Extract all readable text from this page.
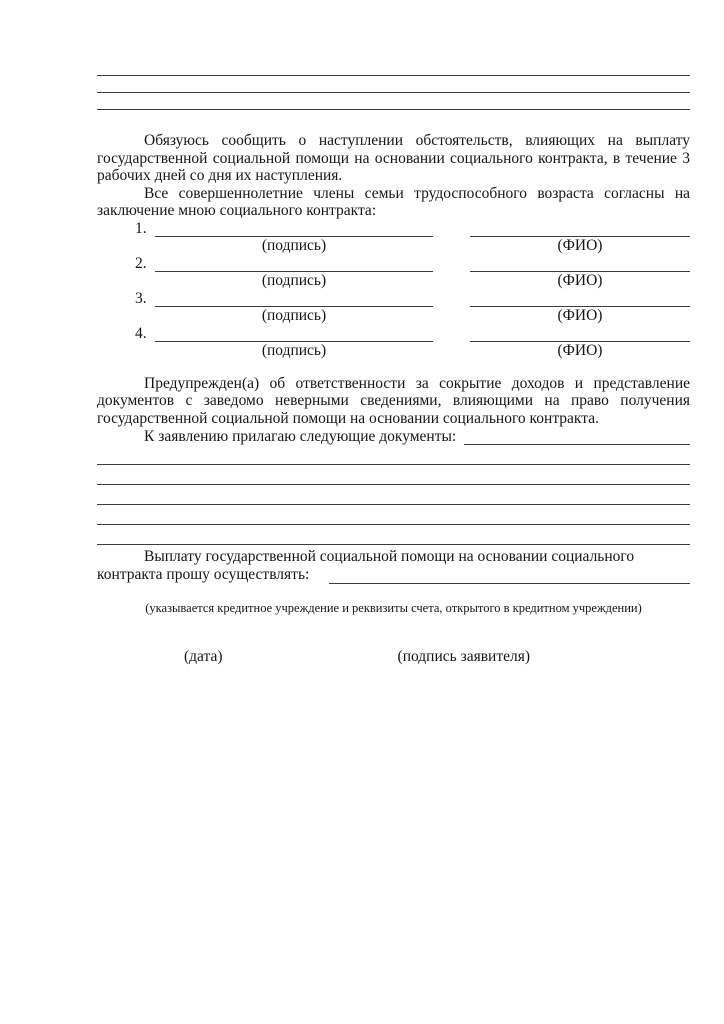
Обязуюсь сообщить о наступлении обстоятельств, влияющих на выплату государственной социальной помощи на основании социального контракта, в течение 3 рабочих дней со дня их наступления.

Все совершеннолетние члены семьи трудоспособного возраста согласны на заключение мною социального контракта:

1.
(подпись)	(ФИО)
2.
(подпись)	(ФИО)
3.
(подпись)	(ФИО)
4.
(подпись)	(ФИО)

Предупрежден(а) об ответственности за сокрытие доходов и представление документов с заведомо неверными сведениями, влияющими на право получения государственной социальной помощи на основании социального контракта.

К заявлению прилагаю следующие документы:

Выплату государственной социальной помощи на основании социального

контракта прошу осуществлять:
(указывается кредитное учреждение и реквизиты счета, открытого в кредитном учреждении)
(дата)	(подпись заявителя)
